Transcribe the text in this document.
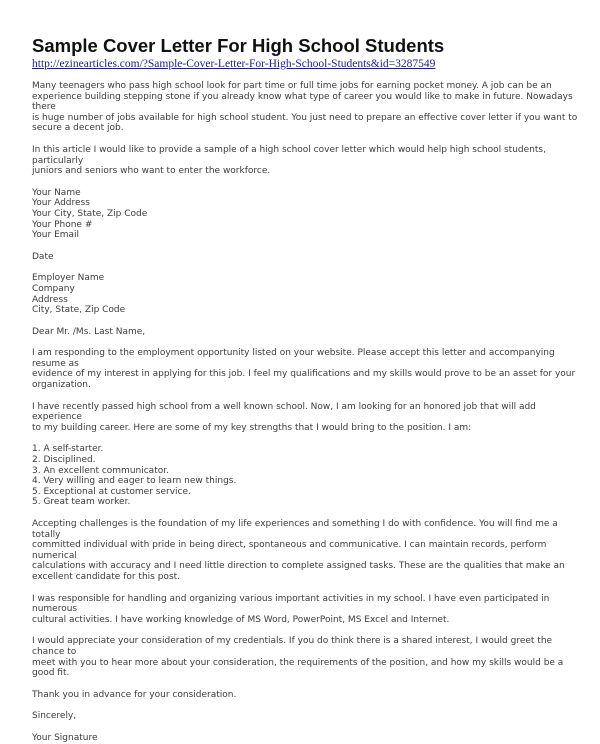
Sample Cover Letter For High School Students
http://ezinearticles.com/?Sample-Cover-Letter-For-High-School-Students&id=3287549

Many teenagers who pass high school look for part time or full time jobs for earning pocket money. A job can be an
experience building stepping stone if you already know what type of career you would like to make in future. Nowadays there
is huge number of jobs available for high school student. You just need to prepare an effective cover letter if you want to
secure a decent job.

In this article I would like to provide a sample of a high school cover letter which would help high school students, particularly
juniors and seniors who want to enter the workforce.

Your Name
Your Address
Your City, State, Zip Code
Your Phone #
Your Email

Date

Employer Name
Company
Address
City, State, Zip Code

Dear Mr. /Ms. Last Name,

I am responding to the employment opportunity listed on your website. Please accept this letter and accompanying resume as
evidence of my interest in applying for this job. I feel my qualifications and my skills would prove to be an asset for your
organization.

I have recently passed high school from a well known school. Now, I am looking for an honored job that will add experience
to my building career. Here are some of my key strengths that I would bring to the position. I am:

1. A self-starter.
2. Disciplined.
3. An excellent communicator.
4. Very willing and eager to learn new things.
5. Exceptional at customer service.
5. Great team worker.

Accepting challenges is the foundation of my life experiences and something I do with confidence. You will find me a totally
committed individual with pride in being direct, spontaneous and communicative. I can maintain records, perform numerical
calculations with accuracy and I need little direction to complete assigned tasks. These are the qualities that make an
excellent candidate for this post.

I was responsible for handling and organizing various important activities in my school. I have even participated in numerous
cultural activities. I have working knowledge of MS Word, PowerPoint, MS Excel and Internet.

I would appreciate your consideration of my credentials. If you do think there is a shared interest, I would greet the chance to
meet with you to hear more about your consideration, the requirements of the position, and how my skills would be a good fit.

Thank you in advance for your consideration.

Sincerely,

Your Signature
